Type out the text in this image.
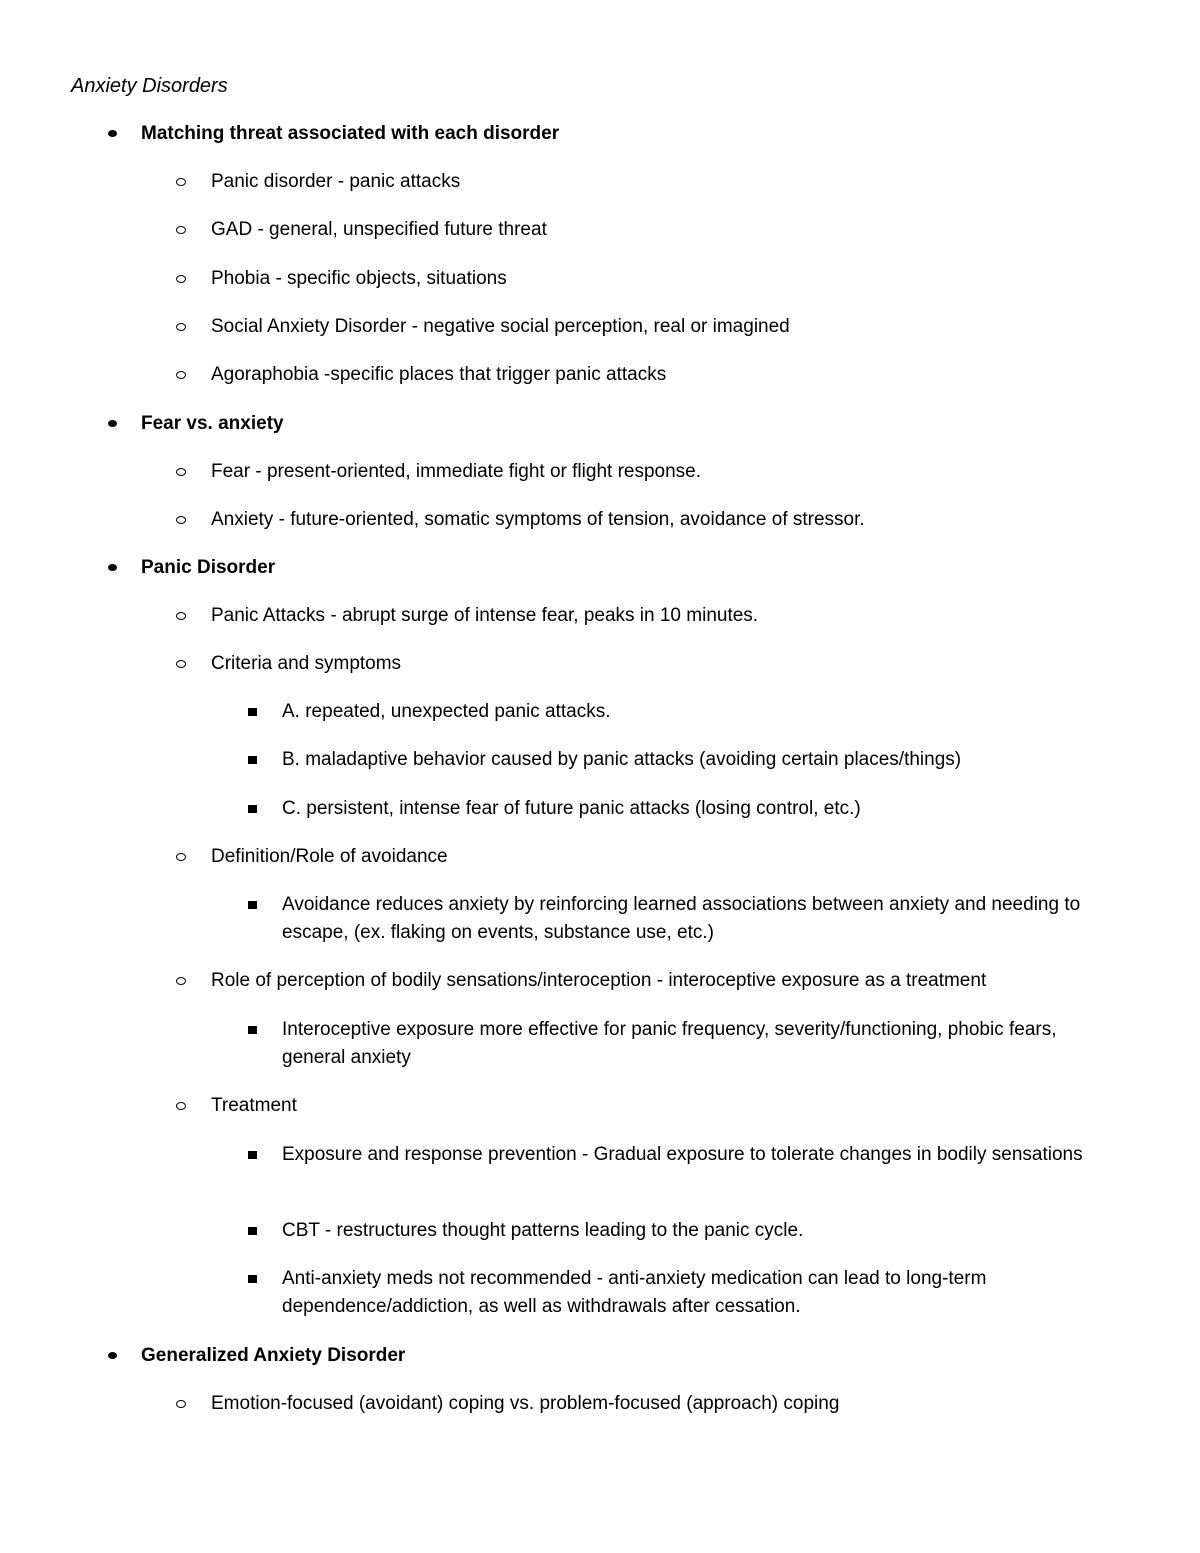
Anxiety Disorders
Matching threat associated with each disorder
Panic disorder - panic attacks
GAD - general, unspecified future threat
Phobia - specific objects, situations
Social Anxiety Disorder - negative social perception, real or imagined
Agoraphobia -specific places that trigger panic attacks
Fear vs. anxiety
Fear - present-oriented, immediate fight or flight response.
Anxiety - future-oriented, somatic symptoms of tension, avoidance of stressor.
Panic Disorder
Panic Attacks - abrupt surge of intense fear, peaks in 10 minutes.
Criteria and symptoms
A. repeated, unexpected panic attacks.
B. maladaptive behavior caused by panic attacks (avoiding certain places/things)
C. persistent, intense fear of future panic attacks (losing control, etc.)
Definition/Role of avoidance
Avoidance reduces anxiety by reinforcing learned associations between anxiety and needing to escape, (ex. flaking on events, substance use, etc.)
Role of perception of bodily sensations/interoception - interoceptive exposure as a treatment
Interoceptive exposure more effective for panic frequency, severity/functioning, phobic fears, general anxiety
Treatment
Exposure and response prevention - Gradual exposure to tolerate changes in bodily sensations
CBT - restructures thought patterns leading to the panic cycle.
Anti-anxiety meds not recommended - anti-anxiety medication can lead to long-term dependence/addiction, as well as withdrawals after cessation.
Generalized Anxiety Disorder
Emotion-focused (avoidant) coping vs. problem-focused (approach) coping
